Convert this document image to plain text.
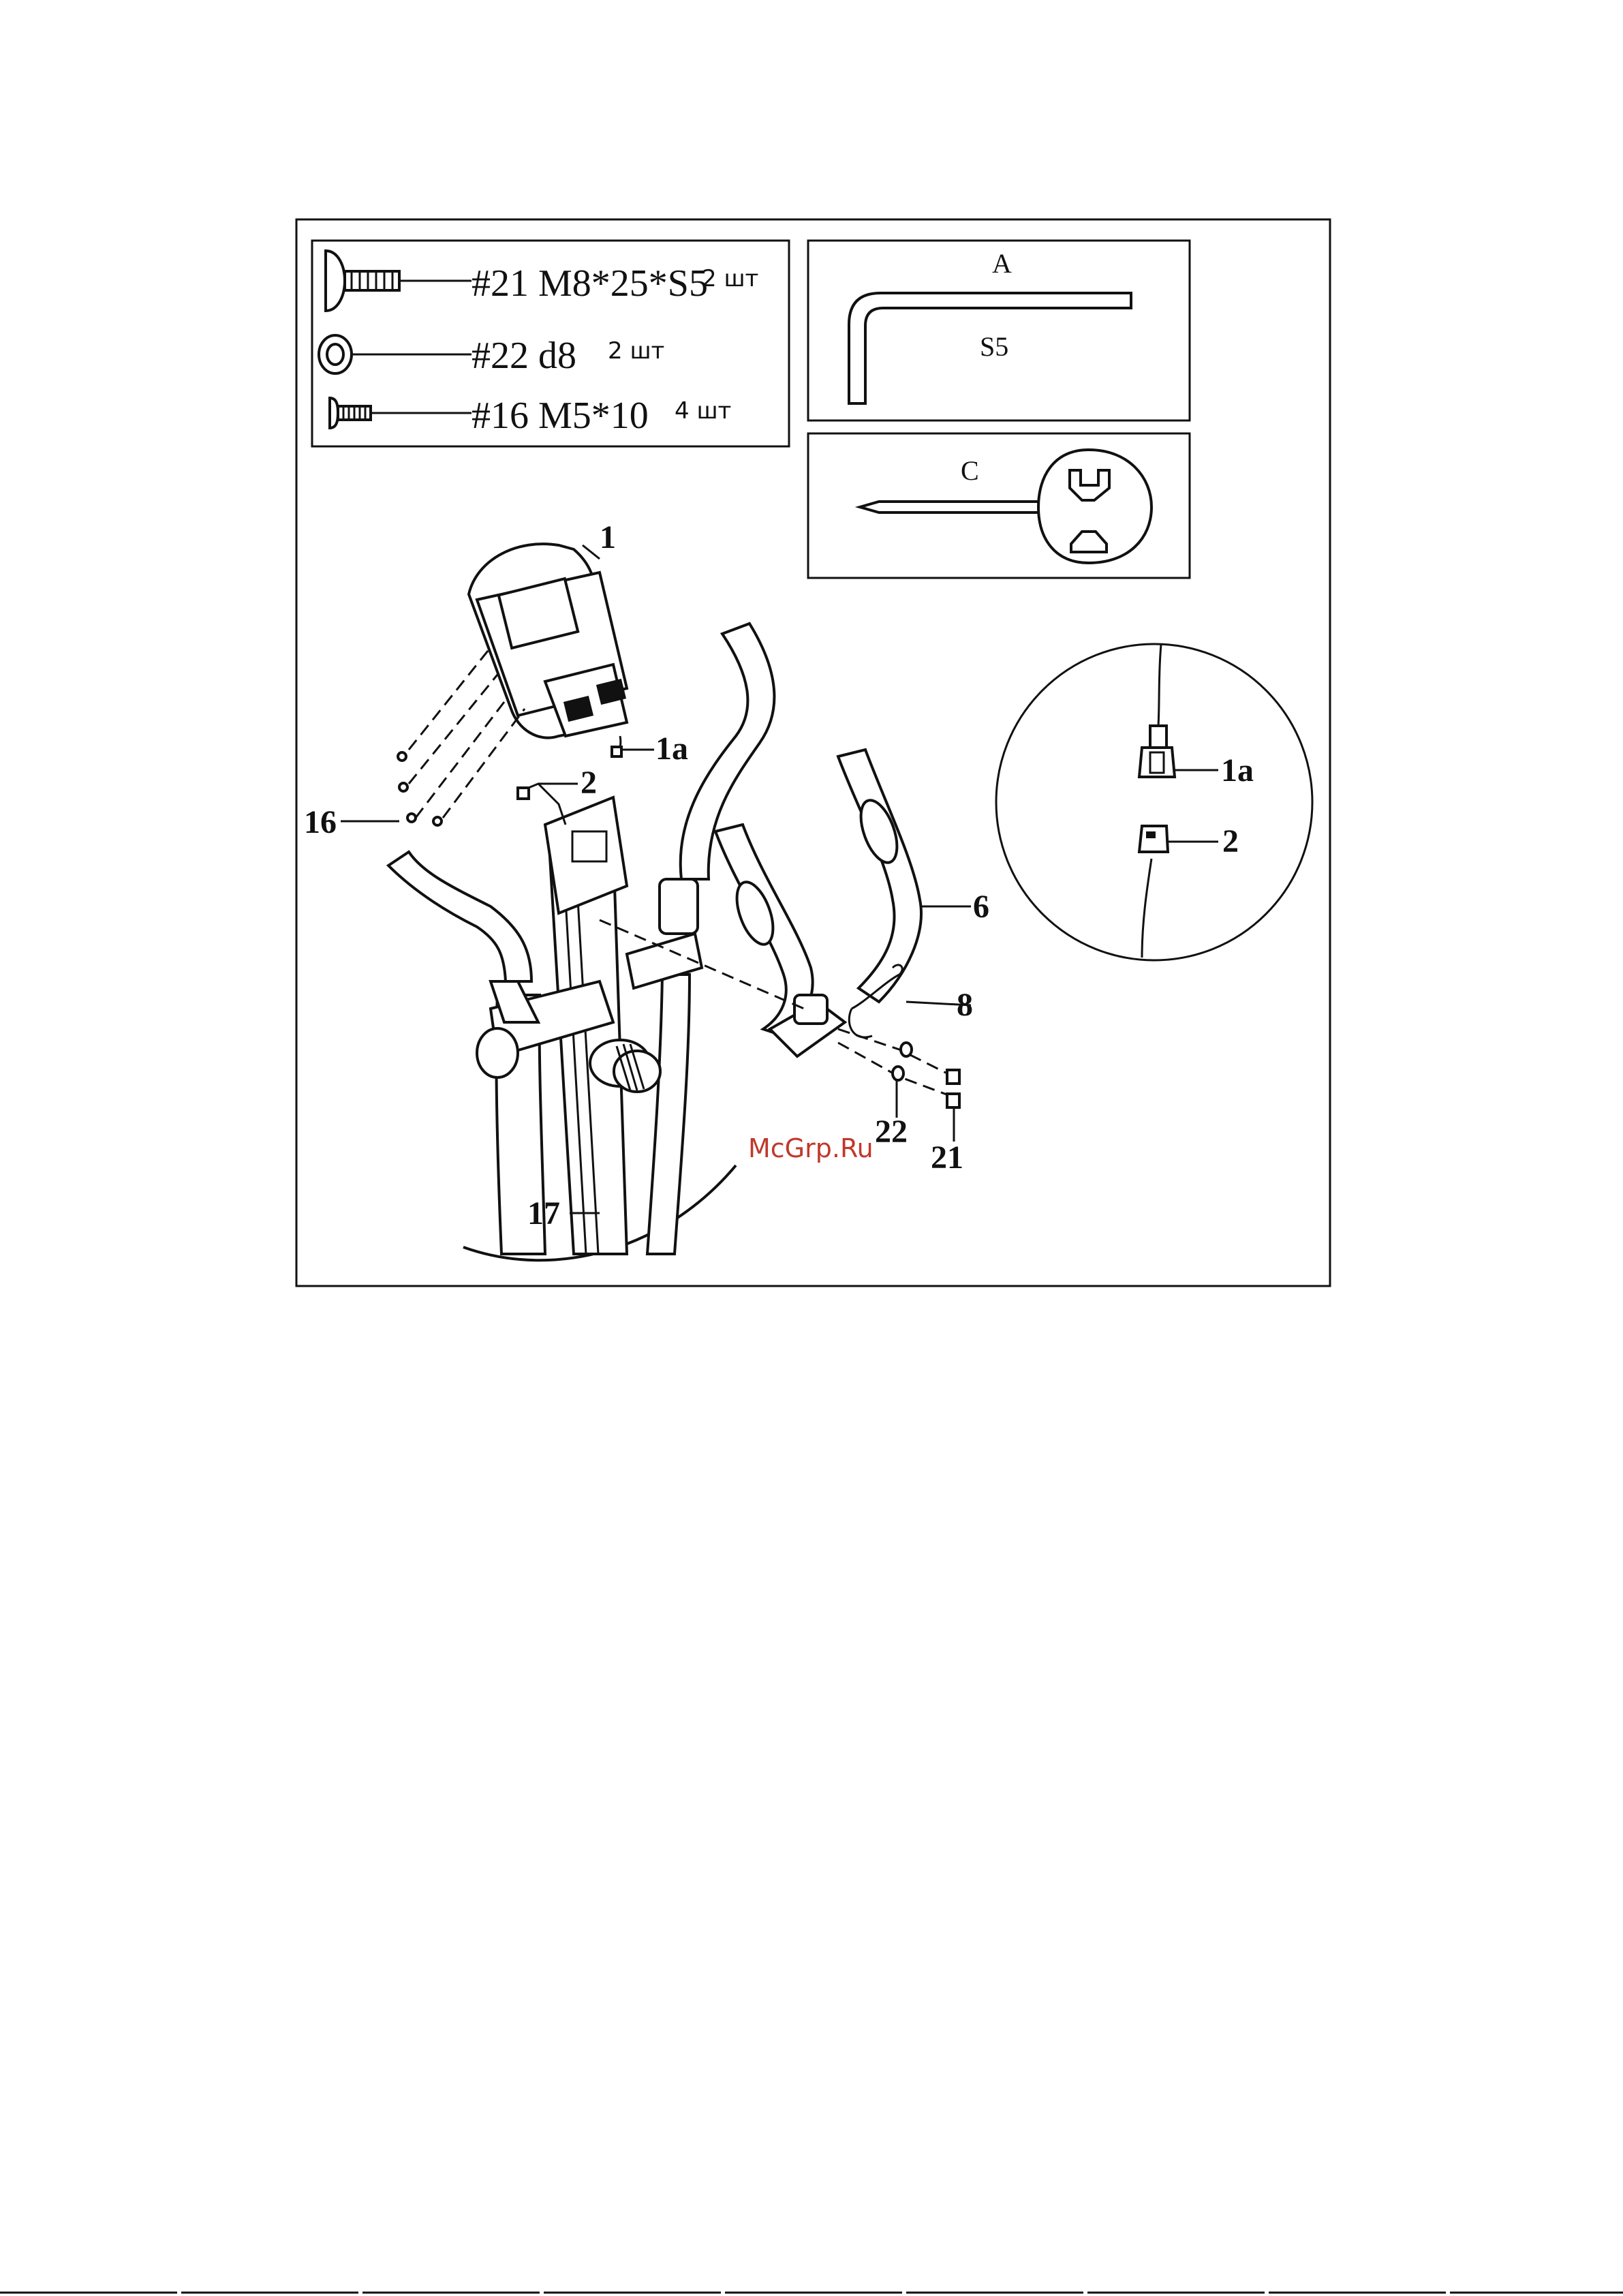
#21 M8*25*S5
2 шт
#22 d8 2 шт
#16 M5*10 4 шт
A
S5
C
1
1a
2
16
6
8
22
21
17
McGrp.Ru
1a
2
